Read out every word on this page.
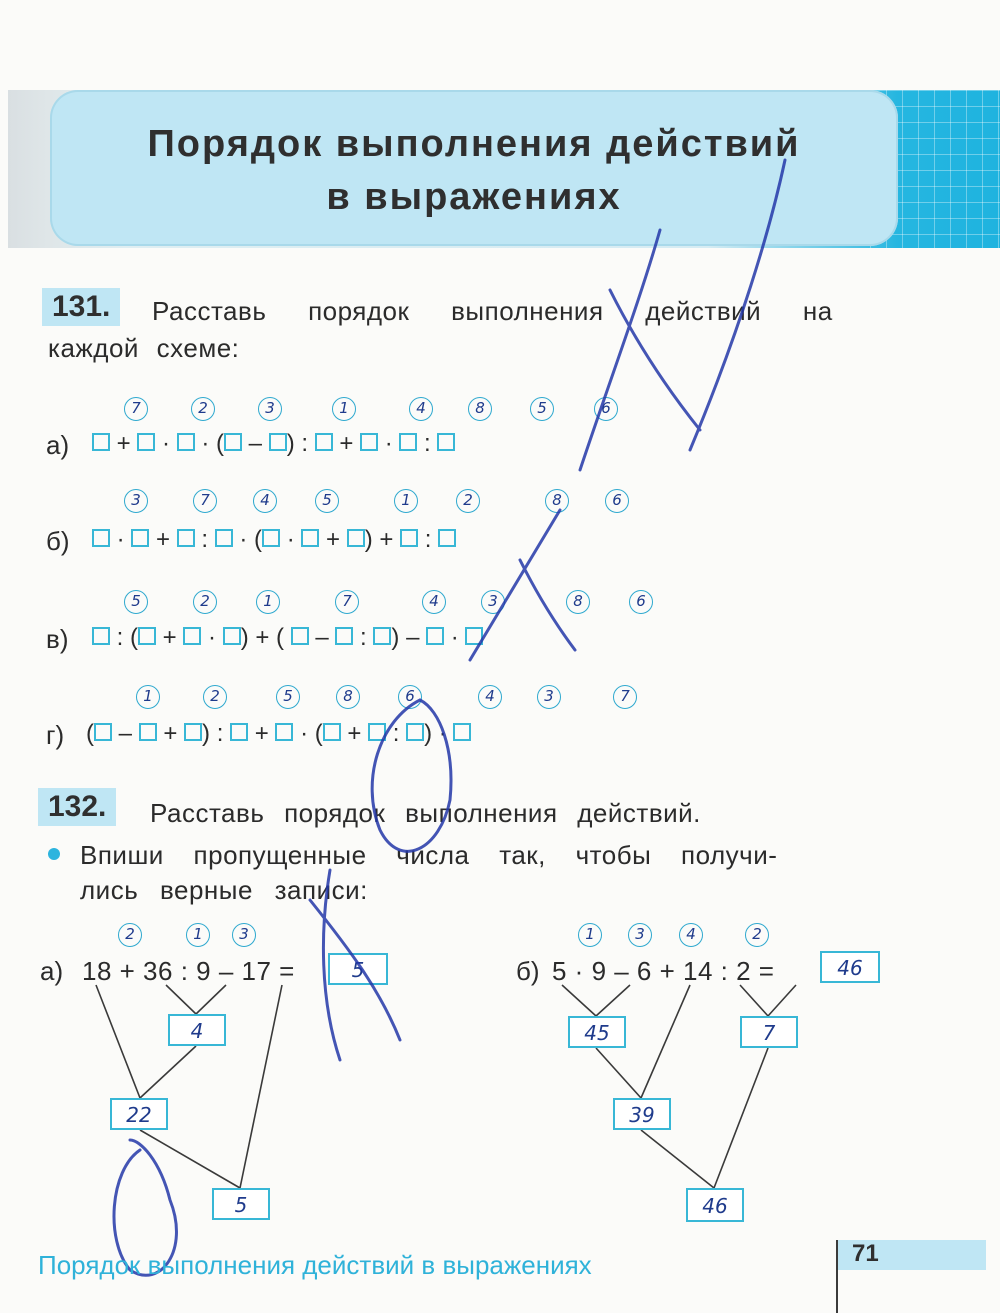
Порядок выполнения действий
в выражениях
131.	Расставь порядок выполнения действий на
каждой схеме:
а)	+  ·  · ( – ) :  +  ·  :
7	2	3	1	4	8	5	6
б)	·  +  :  · ( ·  + ) +  :
3	7	4	5	1	2	8	6
в)	: ( +  · ) + (  –  : ) –  ·
5	2	1	7	4	3	8	6
г) ( –  + ) :  +  · ( +  : ) ·
1	2	5	8	6	4	3	7
132.	Расставь порядок выполнения действий.
Впиши пропущенные числа так, чтобы получи-
лись верные записи:
а) 18 + 36 : 9 – 17 =	5
2	1	3
4
22
5
б) 5 · 9 – 6 + 14 : 2 =	46
1	3	4	2
45	7
39
46
Порядок выполнения действий в выражениях	71
